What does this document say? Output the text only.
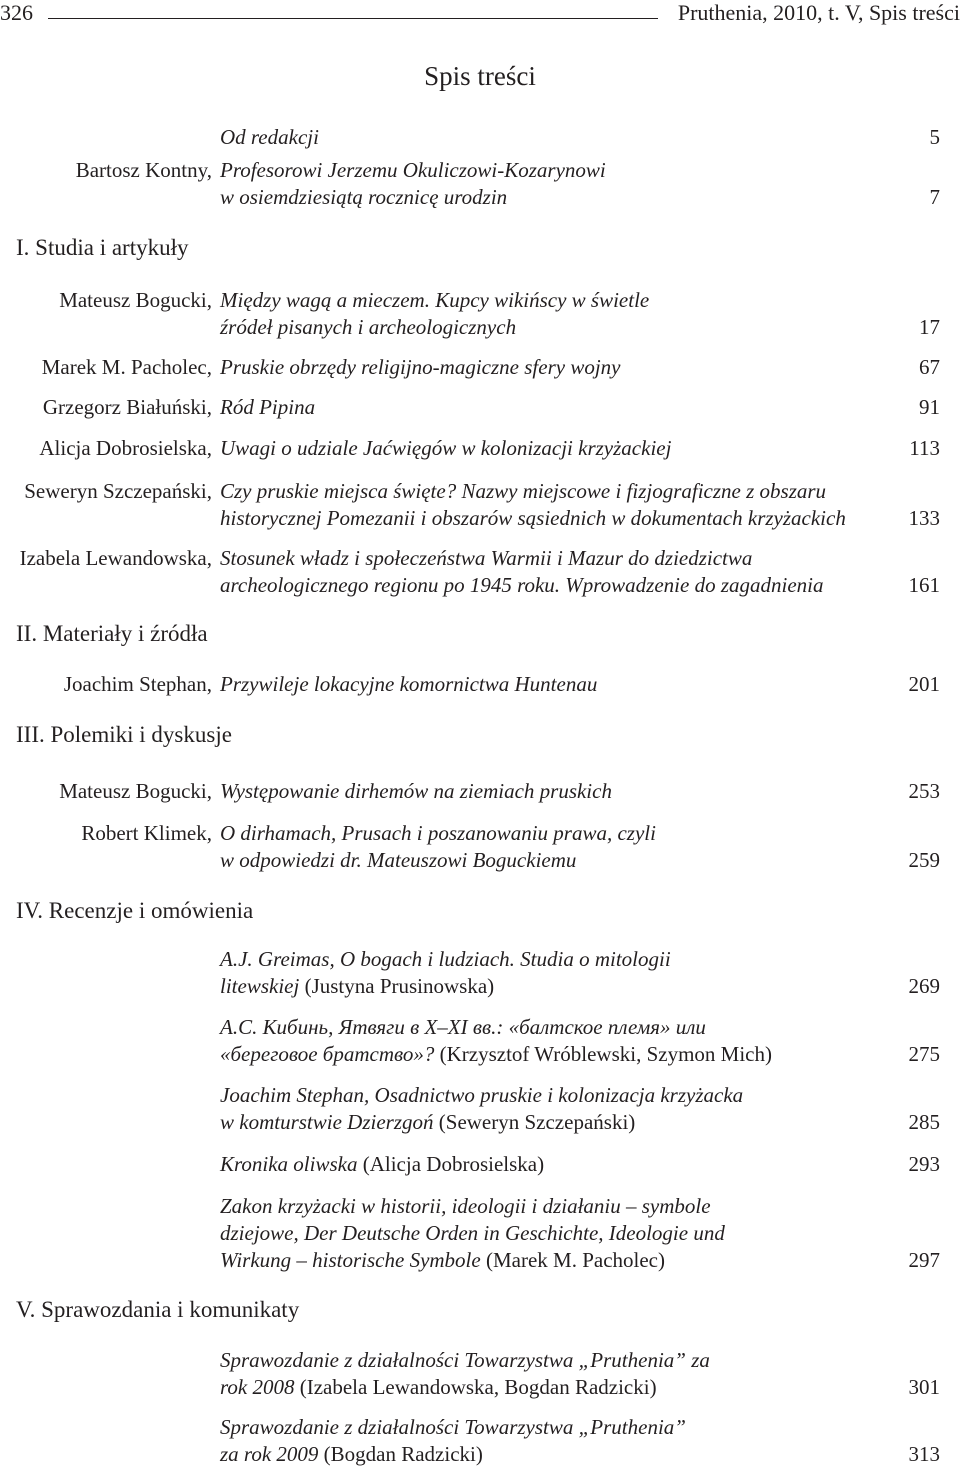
326	Pruthenia, 2010, t. V, Spis treści
Spis treści
Od redakcji	5
Bartosz Kontny, Profesorowi Jerzemu Okuliczowi-Kozarynowi
w osiemdziesiątą rocznicę urodzin	7
I. Studia i artykuły
Mateusz Bogucki, Między wagą a mieczem. Kupcy wikińscy w świetle
źródeł pisanych i archeologicznych	17
Marek M. Pacholec, Pruskie obrzędy religijno-magiczne sfery wojny	67
Grzegorz Białuński, Ród Pipina	91
Alicja Dobrosielska, Uwagi o udziale Jaćwięgów w kolonizacji krzyżackiej	113
Seweryn Szczepański, Czy pruskie miejsca święte? Nazwy miejscowe i fizjograficzne z obszaru
historycznej Pomezanii i obszarów sąsiednich w dokumentach krzyżackich	133
Izabela Lewandowska, Stosunek władz i społeczeństwa Warmii i Mazur do dziedzictwa
archeologicznego regionu po 1945 roku. Wprowadzenie do zagadnienia	161
II. Materiały i źródła
Joachim Stephan, Przywileje lokacyjne komornictwa Huntenau	201
III. Polemiki i dyskusje
Mateusz Bogucki, Występowanie dirhemów na ziemiach pruskich	253
Robert Klimek, O dirhamach, Prusach i poszanowaniu prawa, czyli
w odpowiedzi dr. Mateuszowi Boguckiemu	259
IV. Recenzje i omówienia
A.J. Greimas, O bogach i ludziach. Studia o mitologii
litewskiej (Justyna Prusinowska)	269
А.С. Кибинь, Ятвяги в X–XI вв.: «балтское племя» или
«береговое братство»? (Krzysztof Wróblewski, Szymon Mich)	275
Joachim Stephan, Osadnictwo pruskie i kolonizacja krzyżacka
w komturstwie Dzierzgoń (Seweryn Szczepański)	285
Kronika oliwska (Alicja Dobrosielska)	293
Zakon krzyżacki w historii, ideologii i działaniu – symbole
dziejowe, Der Deutsche Orden in Geschichte, Ideologie und
Wirkung – historische Symbole (Marek M. Pacholec)	297
V. Sprawozdania i komunikaty
Sprawozdanie z działalności Towarzystwa „Pruthenia” za
rok 2008 (Izabela Lewandowska, Bogdan Radzicki)	301
Sprawozdanie z działalności Towarzystwa „Pruthenia”
za rok 2009 (Bogdan Radzicki)	313
